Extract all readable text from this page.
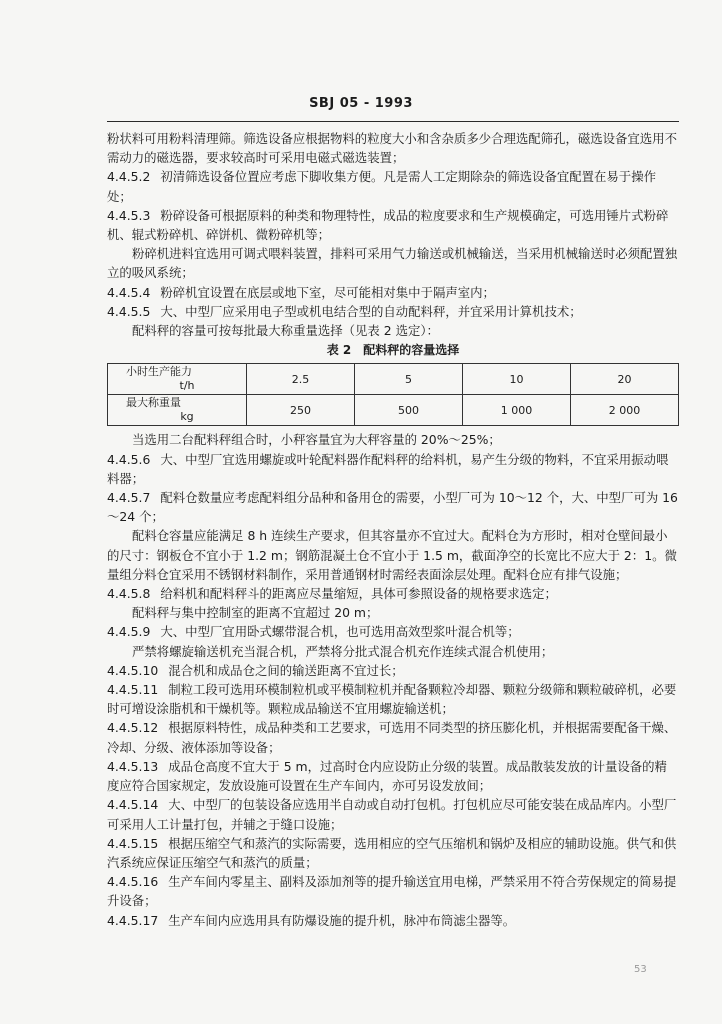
SBJ 05 - 1993

粉状料可用粉料清理筛。筛选设备应根据物料的粒度大小和含杂质多少合理选配筛孔，磁选设备宜选用不需动力的磁选器，要求较高时可采用电磁式磁选装置；

4.4.5.2 初清筛选设备位置应考虑下脚收集方便。凡是需人工定期除杂的筛选设备宜配置在易于操作处；

4.4.5.3 粉碎设备可根据原料的种类和物理特性，成品的粒度要求和生产规模确定，可选用锤片式粉碎机、辊式粉碎机、碎饼机、微粉碎机等；

粉碎机进料宜选用可调式喂料装置，排料可采用气力输送或机械输送，当采用机械输送时必须配置独立的吸风系统；

4.4.5.4 粉碎机宜设置在底层或地下室，尽可能相对集中于隔声室内；

4.4.5.5 大、中型厂应采用电子型或机电结合型的自动配料秤，并宜采用计算机技术；

配料秤的容量可按每批最大称重量选择（见表 2 选定）：

表 2　配料秤的容量选择

小时生产能力
t/h	2.5	5	10	20

最大称重量
kg	250	500	1 000	2 000

当选用二台配料秤组合时，小秤容量宜为大秤容量的 20%～25%；

4.4.5.6 大、中型厂宜选用螺旋或叶轮配料器作配料秤的给料机，易产生分级的物料，不宜采用振动喂料器；

4.4.5.7 配料仓数量应考虑配料组分品种和备用仓的需要，小型厂可为 10～12 个，大、中型厂可为 16～24 个；

配料仓容量应能满足 8 h 连续生产要求，但其容量亦不宜过大。配料仓为方形时，相对仓壁间最小的尺寸：钢板仓不宜小于 1.2 m；钢筋混凝土仓不宜小于 1.5 m，截面净空的长宽比不应大于 2：1。微量组分料仓宜采用不锈钢材料制作，采用普通钢材时需经表面涂层处理。配料仓应有排气设施；

4.4.5.8 给料机和配料秤斗的距离应尽量缩短，具体可参照设备的规格要求选定；

配料秤与集中控制室的距离不宜超过 20 m；

4.4.5.9 大、中型厂宜用卧式螺带混合机，也可选用高效型浆叶混合机等；

严禁将螺旋输送机充当混合机，严禁将分批式混合机充作连续式混合机使用；

4.4.5.10 混合机和成品仓之间的输送距离不宜过长；

4.4.5.11 制粒工段可选用环模制粒机或平模制粒机并配备颗粒冷却器、颗粒分级筛和颗粒破碎机，必要时可增设涂脂机和干燥机等。颗粒成品输送不宜用螺旋输送机；

4.4.5.12 根据原料特性，成品种类和工艺要求，可选用不同类型的挤压膨化机，并根据需要配备干燥、冷却、分级、液体添加等设备；

4.4.5.13 成品仓高度不宜大于 5 m，过高时仓内应设防止分级的装置。成品散装发放的计量设备的精度应符合国家规定，发放设施可设置在生产车间内，亦可另设发放间；

4.4.5.14 大、中型厂的包装设备应选用半自动或自动打包机。打包机应尽可能安装在成品库内。小型厂可采用人工计量打包，并辅之于缝口设施；

4.4.5.15 根据压缩空气和蒸汽的实际需要，选用相应的空气压缩机和锅炉及相应的辅助设施。供气和供汽系统应保证压缩空气和蒸汽的质量；

4.4.5.16 生产车间内零星主、副料及添加剂等的提升输送宜用电梯，严禁采用不符合劳保规定的简易提升设备；

4.4.5.17 生产车间内应选用具有防爆设施的提升机，脉冲布筒滤尘器等。

53
